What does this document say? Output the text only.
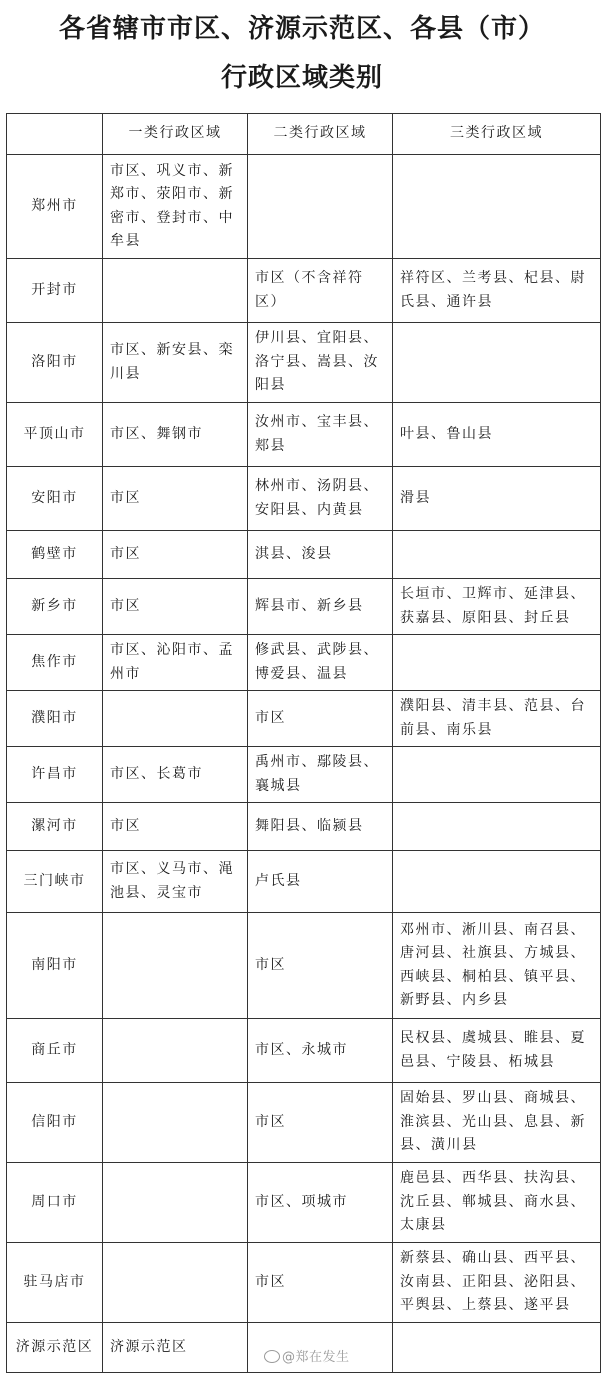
各省辖市市区、济源示范区、各县（市）
行政区域类别
	一类行政区域	二类行政区域	三类行政区域
郑州市	市区、巩义市、新郑市、荥阳市、新密市、登封市、中牟县		
开封市		市区（不含祥符区）	祥符区、兰考县、杞县、尉氏县、通许县
洛阳市	市区、新安县、栾川县	伊川县、宜阳县、洛宁县、嵩县、汝阳县	
平顶山市	市区、舞钢市	汝州市、宝丰县、郏县	叶县、鲁山县
安阳市	市区	林州市、汤阴县、安阳县、内黄县	滑县
鹤壁市	市区	淇县、浚县	
新乡市	市区	辉县市、新乡县	长垣市、卫辉市、延津县、获嘉县、原阳县、封丘县
焦作市	市区、沁阳市、孟州市	修武县、武陟县、博爱县、温县	
濮阳市		市区	濮阳县、清丰县、范县、台前县、南乐县
许昌市	市区、长葛市	禹州市、鄢陵县、襄城县	
漯河市	市区	舞阳县、临颍县	
三门峡市	市区、义马市、渑池县、灵宝市	卢氏县	
南阳市		市区	邓州市、淅川县、南召县、唐河县、社旗县、方城县、西峡县、桐柏县、镇平县、新野县、内乡县
商丘市		市区、永城市	民权县、虞城县、睢县、夏邑县、宁陵县、柘城县
信阳市		市区	固始县、罗山县、商城县、淮滨县、光山县、息县、新县、潢川县
周口市		市区、项城市	鹿邑县、西华县、扶沟县、沈丘县、郸城县、商水县、太康县
驻马店市		市区	新蔡县、确山县、西平县、汝南县、正阳县、泌阳县、平舆县、上蔡县、遂平县
济源示范区	济源示范区		
@郑在发生
